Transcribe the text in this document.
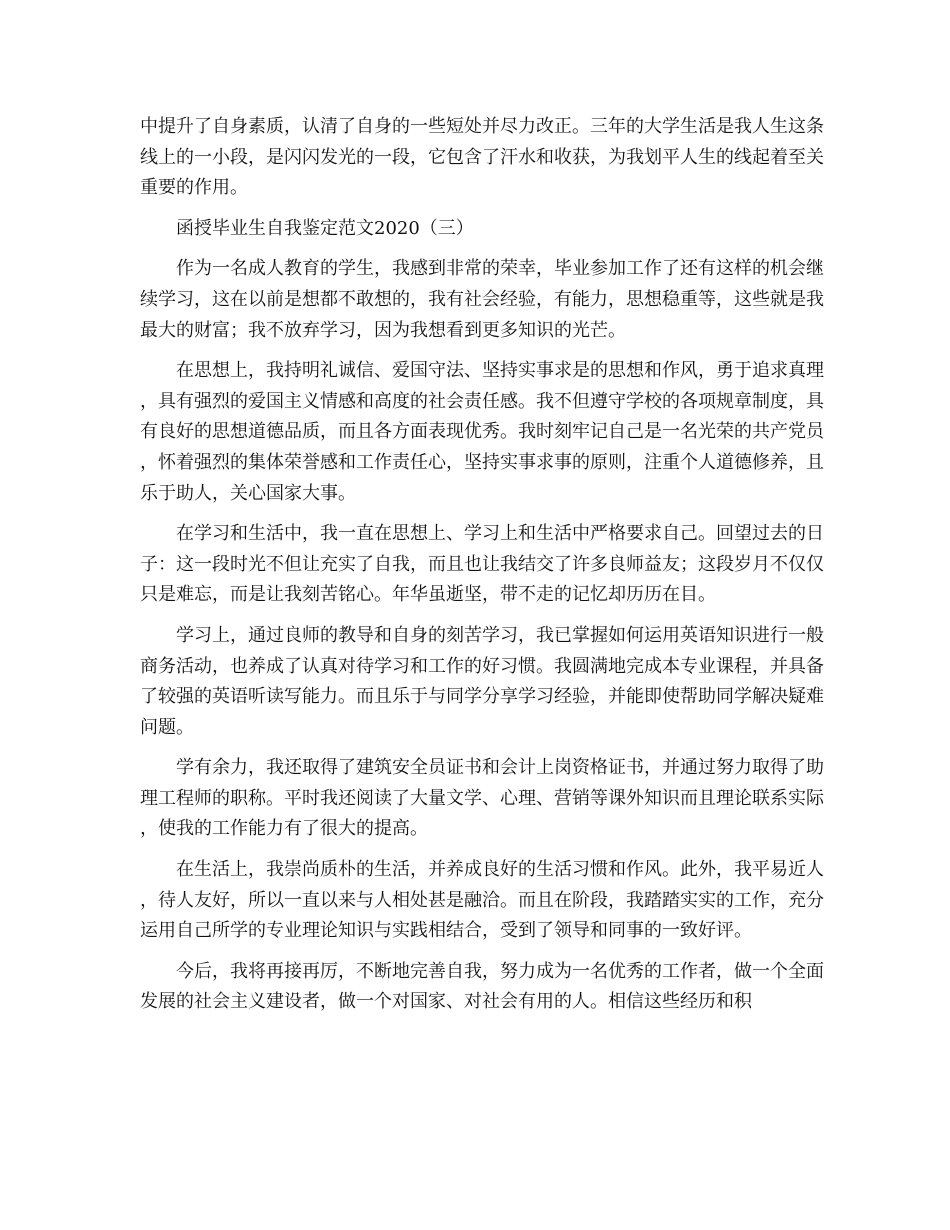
中提升了自身素质，认清了自身的一些短处并尽力改正。三年的大学生活是我人生这条线上的一小段，是闪闪发光的一段，它包含了汗水和收获，为我划平人生的线起着至关重要的作用。

函授毕业生自我鉴定范文2020（三）

作为一名成人教育的学生，我感到非常的荣幸，毕业参加工作了还有这样的机会继续学习，这在以前是想都不敢想的，我有社会经验，有能力，思想稳重等，这些就是我最大的财富；我不放弃学习，因为我想看到更多知识的光芒。

在思想上，我持明礼诚信、爱国守法、坚持实事求是的思想和作风，勇于追求真理，具有强烈的爱国主义情感和高度的社会责任感。我不但遵守学校的各项规章制度，具有良好的思想道德品质，而且各方面表现优秀。我时刻牢记自己是一名光荣的共产党员，怀着强烈的集体荣誉感和工作责任心，坚持实事求事的原则，注重个人道德修养，且乐于助人，关心国家大事。

在学习和生活中，我一直在思想上、学习上和生活中严格要求自己。回望过去的日子：这一段时光不但让充实了自我，而且也让我结交了许多良师益友；这段岁月不仅仅只是难忘，而是让我刻苦铭心。年华虽逝坚，带不走的记忆却历历在目。

学习上，通过良师的教导和自身的刻苦学习，我已掌握如何运用英语知识进行一般商务活动，也养成了认真对待学习和工作的好习惯。我圆满地完成本专业课程，并具备了较强的英语听读写能力。而且乐于与同学分享学习经验，并能即使帮助同学解决疑难问题。

学有余力，我还取得了建筑安全员证书和会计上岗资格证书，并通过努力取得了助理工程师的职称。平时我还阅读了大量文学、心理、营销等课外知识而且理论联系实际，使我的工作能力有了很大的提高。

在生活上，我崇尚质朴的生活，并养成良好的生活习惯和作风。此外，我平易近人，待人友好，所以一直以来与人相处甚是融洽。而且在阶段，我踏踏实实的工作，充分运用自己所学的专业理论知识与实践相结合，受到了领导和同事的一致好评。

今后，我将再接再厉，不断地完善自我，努力成为一名优秀的工作者，做一个全面发展的社会主义建设者，做一个对国家、对社会有用的人。相信这些经历和积
